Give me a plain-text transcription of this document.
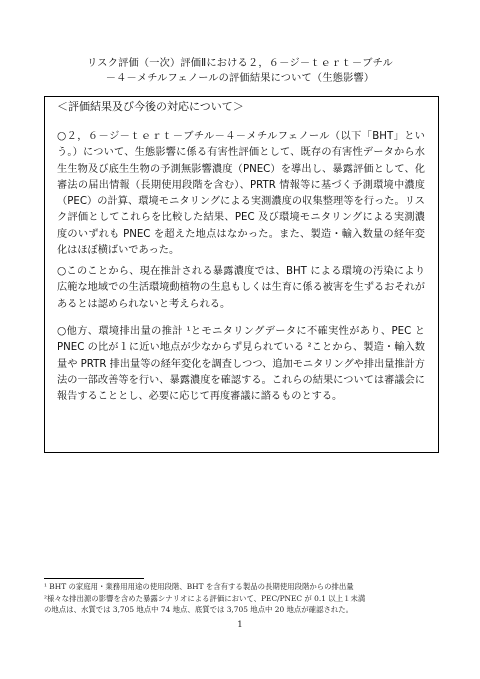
リスク評価（一次）評価Ⅱにおける２，６－ジ－ｔｅｒｔ－ブチル
－４－メチルフェノールの評価結果について（生態影響）
＜評価結果及び今後の対応について＞

○２，６－ジ－ｔｅｒｔ－ブチル－４－メチルフェノール（以下「BHT」という。）について、生態影響に係る有害性評価として、既存の有害性データから水生生物及び底生生物の予測無影響濃度（PNEC）を導出し、暴露評価として、化審法の届出情報（長期使用段階を含む）、PRTR 情報等に基づく予測環境中濃度（PEC）の計算、環境モニタリングによる実測濃度の収集整理等を行った。リスク評価としてこれらを比較した結果、PEC 及び環境モニタリングによる実測濃度のいずれも PNEC を超えた地点はなかった。また、製造・輸入数量の経年変化はほぼ横ばいであった。

○このことから、現在推計される暴露濃度では、BHT による環境の汚染により広範な地域での生活環境動植物の生息もしくは生育に係る被害を生ずるおそれがあるとは認められないと考えられる。

○他方、環境排出量の推計 ¹とモニタリングデータに不確実性があり、PEC と PNEC の比が１に近い地点が少なからず見られている ²ことから、製造・輸入数量や PRTR 排出量等の経年変化を調査しつつ、追加モニタリングや排出量推計方法の一部改善等を行い、暴露濃度を確認する。これらの結果については審議会に報告することとし、必要に応じて再度審議に諮るものとする。

¹ BHT の家庭用・業務用用途の使用段階、BHT を含有する製品の長期使用段階からの排出量
²様々な排出源の影響を含めた暴露シナリオによる評価において、PEC/PNEC が 0.1 以上１未満
の地点は、水質では 3,705 地点中 74 地点、底質では 3,705 地点中 20 地点が確認された。
1
